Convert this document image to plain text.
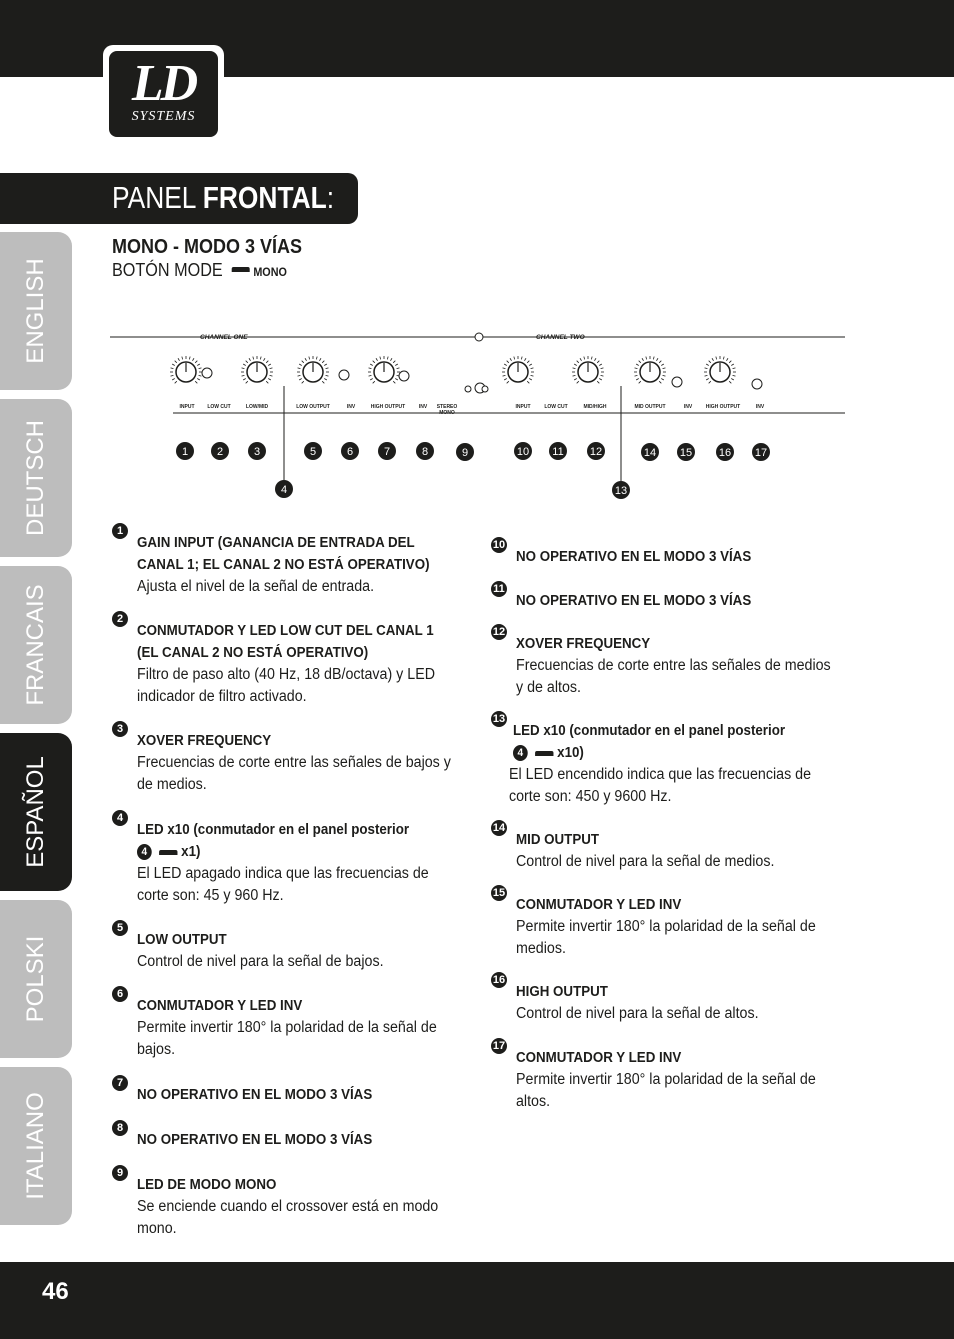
LD
SYSTEMS
PANEL FRONTAL:
ENGLISH
DEUTSCH
FRANCAIS
ESPAÑOL
POLSKI
ITALIANO
MONO - MODO 3 VÍAS
BOTÓN MODE	MONO
CHANNEL ONE	CHANNEL TWO
INPUT	LOW CUT	LOW/MID	LOW OUTPUT	INV	HIGH OUTPUT	INV STEREO
MONO
INPUT	LOW CUT	MID/HIGH	MID OUTPUT	INV	HIGH OUTPUT	INV
1	2	3
4
5	6	7	8	9	10 11 12
13
14 15 16 17
1
GAIN INPUT (GANANCIA DE ENTRADA DEL
CANAL 1; EL CANAL 2 NO ESTÁ OPERATIVO)
Ajusta el nivel de la señal de entrada.
2
CONMUTADOR Y LED LOW CUT DEL CANAL 1
(EL CANAL 2 NO ESTÁ OPERATIVO)
Filtro de paso alto (40 Hz, 18 dB/octava) y LED
indicador de filtro activado.
3
XOVER FREQUENCY
Frecuencias de corte entre las señales de bajos y
de medios.
4
LED x10 (conmutador en el panel posterior
4 x1)
El LED apagado indica que las frecuencias de
corte son: 45 y 960 Hz.
5
LOW OUTPUT
Control de nivel para la señal de bajos.
6
CONMUTADOR Y LED INV
Permite invertir 180° la polaridad de la señal de
bajos.
7
NO OPERATIVO EN EL MODO 3 VÍAS
8
NO OPERATIVO EN EL MODO 3 VÍAS
9
LED DE MODO MONO
Se enciende cuando el crossover está en modo
mono.
10
NO OPERATIVO EN EL MODO 3 VÍAS
11
NO OPERATIVO EN EL MODO 3 VÍAS
12
XOVER FREQUENCY
Frecuencias de corte entre las señales de medios
y de altos.
13
LED x10 (conmutador en el panel posterior
4 x10)
El LED encendido indica que las frecuencias de
corte son: 450 y 9600 Hz.
14
MID OUTPUT
Control de nivel para la señal de medios.
15
CONMUTADOR Y LED INV
Permite invertir 180° la polaridad de la señal de
medios.
16
HIGH OUTPUT
Control de nivel para la señal de altos.
17
CONMUTADOR Y LED INV
Permite invertir 180° la polaridad de la señal de
altos.
46
